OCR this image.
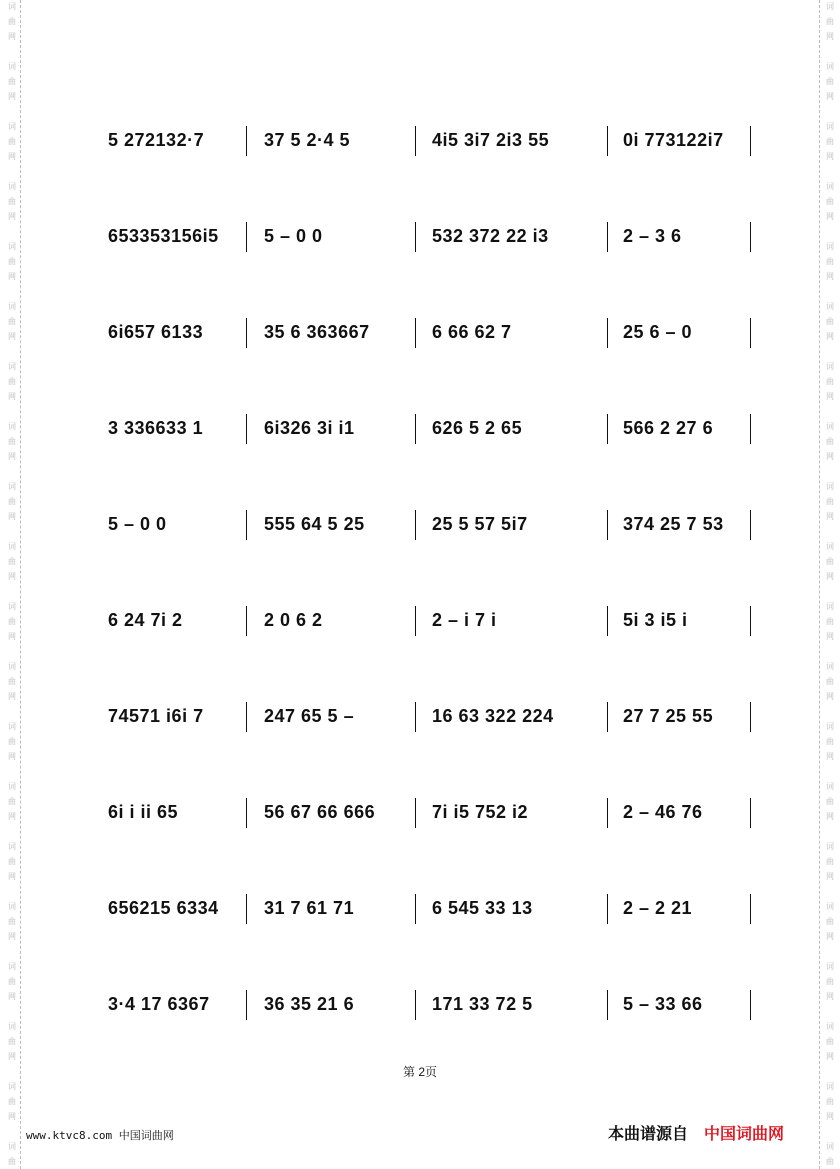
词
曲
网
词
曲
网
词
曲
网
词
曲
网
词
曲
网
词
曲
网
词
曲
网
词
曲
网
词
曲
网
词
曲
网
词
曲
网
词
曲
网
词
曲
网
词
曲
网
词
曲
网
词
曲
网
词
曲
网
词
曲
网
词
曲
网
词
曲
词
曲
网
词
曲
网
词
曲
网
词
曲
网
词
曲
网
词
曲
网
词
曲
网
词
曲
网
词
曲
网
词
曲
网
词
曲
网
词
曲
网
词
曲
网
词
曲
网
词
曲
网
词
曲
网
词
曲
网
词
曲
网
词
曲
网
词
曲
5 272132·7	37 5 2·4 5	4i5 3i7 2i3 55	0i 773122i7
653353156i5	5 – 0 0	532 372 22 i3	2 – 3 6
6i657 6133	35 6 363667	6 66 62 7	25 6 – 0
3 336633 1	6i326 3i i1	626 5 2 65	566 2 27 6
5 – 0 0	555 64 5 25	25 5 57 5i7	374 25 7 53
6 24 7i 2	2 0 6 2	2 – i 7 i	5i 3 i5 i
74571 i6i 7	247 65 5 –	16 63 322 224	27 7 25 55
6i i ii 65	56 67 66 666	7i i5 752 i2	2 – 46 76
656215 6334	31 7 61 71	6 545 33 13	2 – 2 21
3·4 17 6367	36 35 21 6	171 33 72 5	5 – 33 66
第 2页
www.ktvc8.com 中国词曲网	本曲谱源自 中国词曲网
